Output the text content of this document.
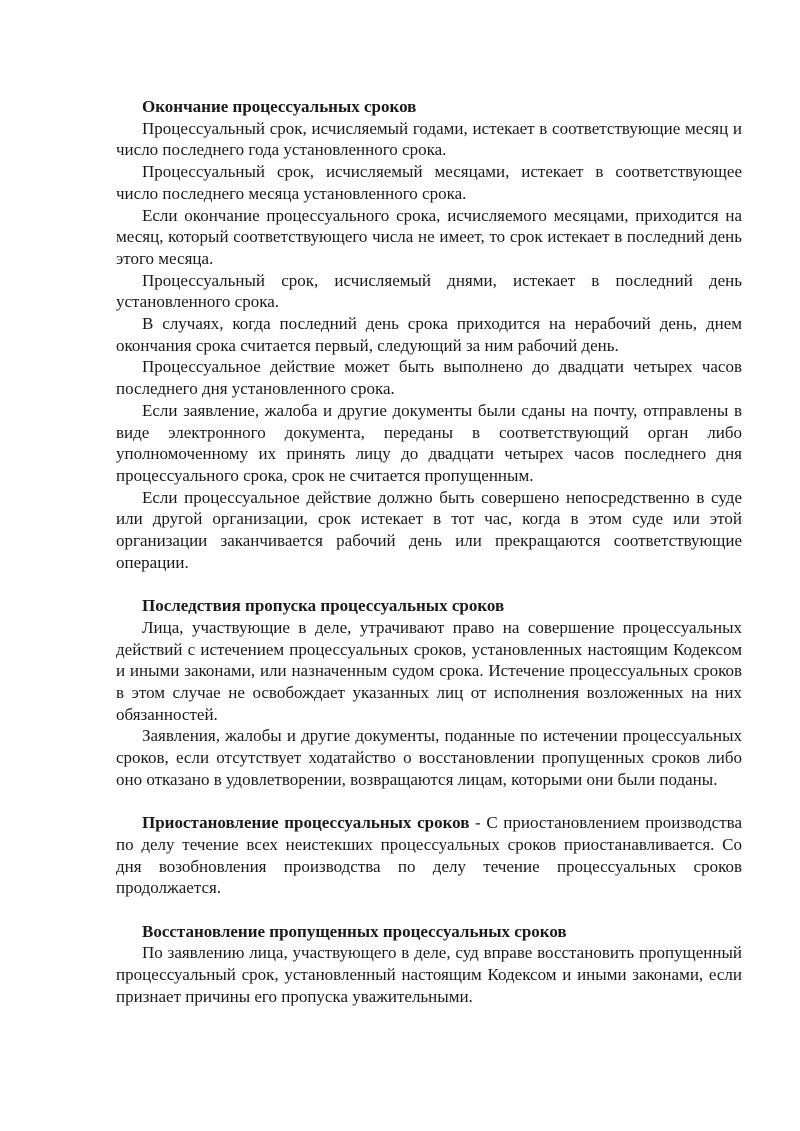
Окончание процессуальных сроков

Процессуальный срок, исчисляемый годами, истекает в соответствующие месяц и число последнего года установленного срока.

Процессуальный срок, исчисляемый месяцами, истекает в соответствующее число последнего месяца установленного срока.

Если окончание процессуального срока, исчисляемого месяцами, приходится на месяц, который соответствующего числа не имеет, то срок истекает в последний день этого месяца.

Процессуальный срок, исчисляемый днями, истекает в последний день установленного срока.

В случаях, когда последний день срока приходится на нерабочий день, днем окончания срока считается первый, следующий за ним рабочий день.

Процессуальное действие может быть выполнено до двадцати четырех часов последнего дня установленного срока.

Если заявление, жалоба и другие документы были сданы на почту, отправлены в виде электронного документа, переданы в соответствующий орган либо уполномоченному их принять лицу до двадцати четырех часов последнего дня процессуального срока, срок не считается пропущенным.

Если процессуальное действие должно быть совершено непосредственно в суде или другой организации, срок истекает в тот час, когда в этом суде или этой организации заканчивается рабочий день или прекращаются соответствующие операции.

Последствия пропуска процессуальных сроков

Лица, участвующие в деле, утрачивают право на совершение процессуальных действий с истечением процессуальных сроков, установленных настоящим Кодексом и иными законами, или назначенным судом срока. Истечение процессуальных сроков в этом случае не освобождает указанных лиц от исполнения возложенных на них обязанностей.

Заявления, жалобы и другие документы, поданные по истечении процессуальных сроков, если отсутствует ходатайство о восстановлении пропущенных сроков либо оно отказано в удовлетворении, возвращаются лицам, которыми они были поданы.

Приостановление процессуальных сроков - С приостановлением производства по делу течение всех неистекших процессуальных сроков приостанавливается. Со дня возобновления производства по делу течение процессуальных сроков продолжается.

Восстановление пропущенных процессуальных сроков

По заявлению лица, участвующего в деле, суд вправе восстановить пропущенный процессуальный срок, установленный настоящим Кодексом и иными законами, если признает причины его пропуска уважительными.
